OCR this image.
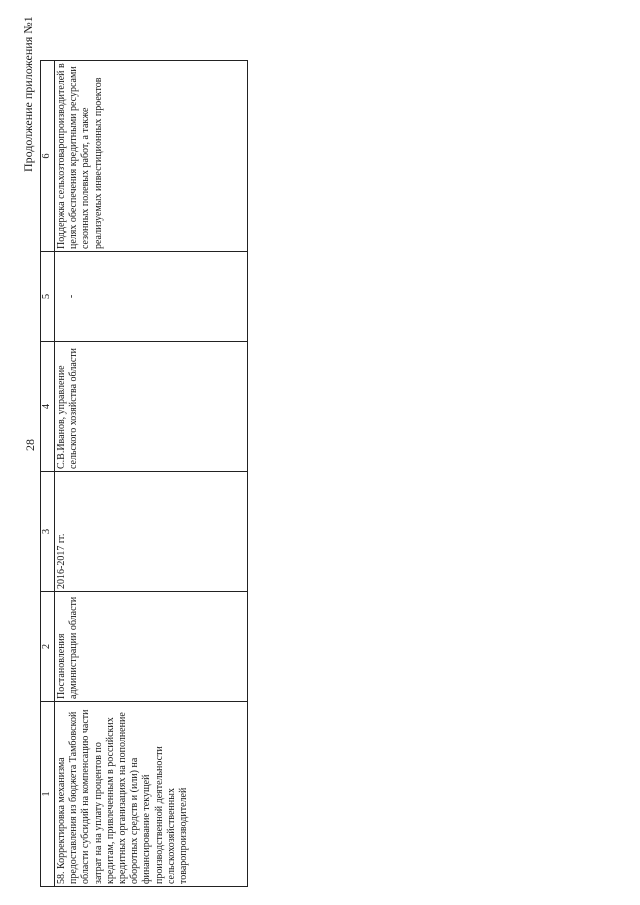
Продолжение приложения №1
28
1	2	3	4	5	6
58. Корректировка механизма предоставления из бюджета Тамбовской области субсидий на компенсацию части затрат на на уплату процентов по кредитам, привлеченным в российских кредитных организациях на пополнение оборотных средств и (или) на финансирование текущей производственной деятельности сельскохозяйственных товаропроизводителей	Постановления администрации области	2016-2017 гг.	С.В.Иванов, управление сельского хозяйства области	-	Поддержка сельхозтоваропроизводителей в целях обеспечения кредитными ресурсами сезонных полевых работ, а также реализуемых инвестиционных проектов
